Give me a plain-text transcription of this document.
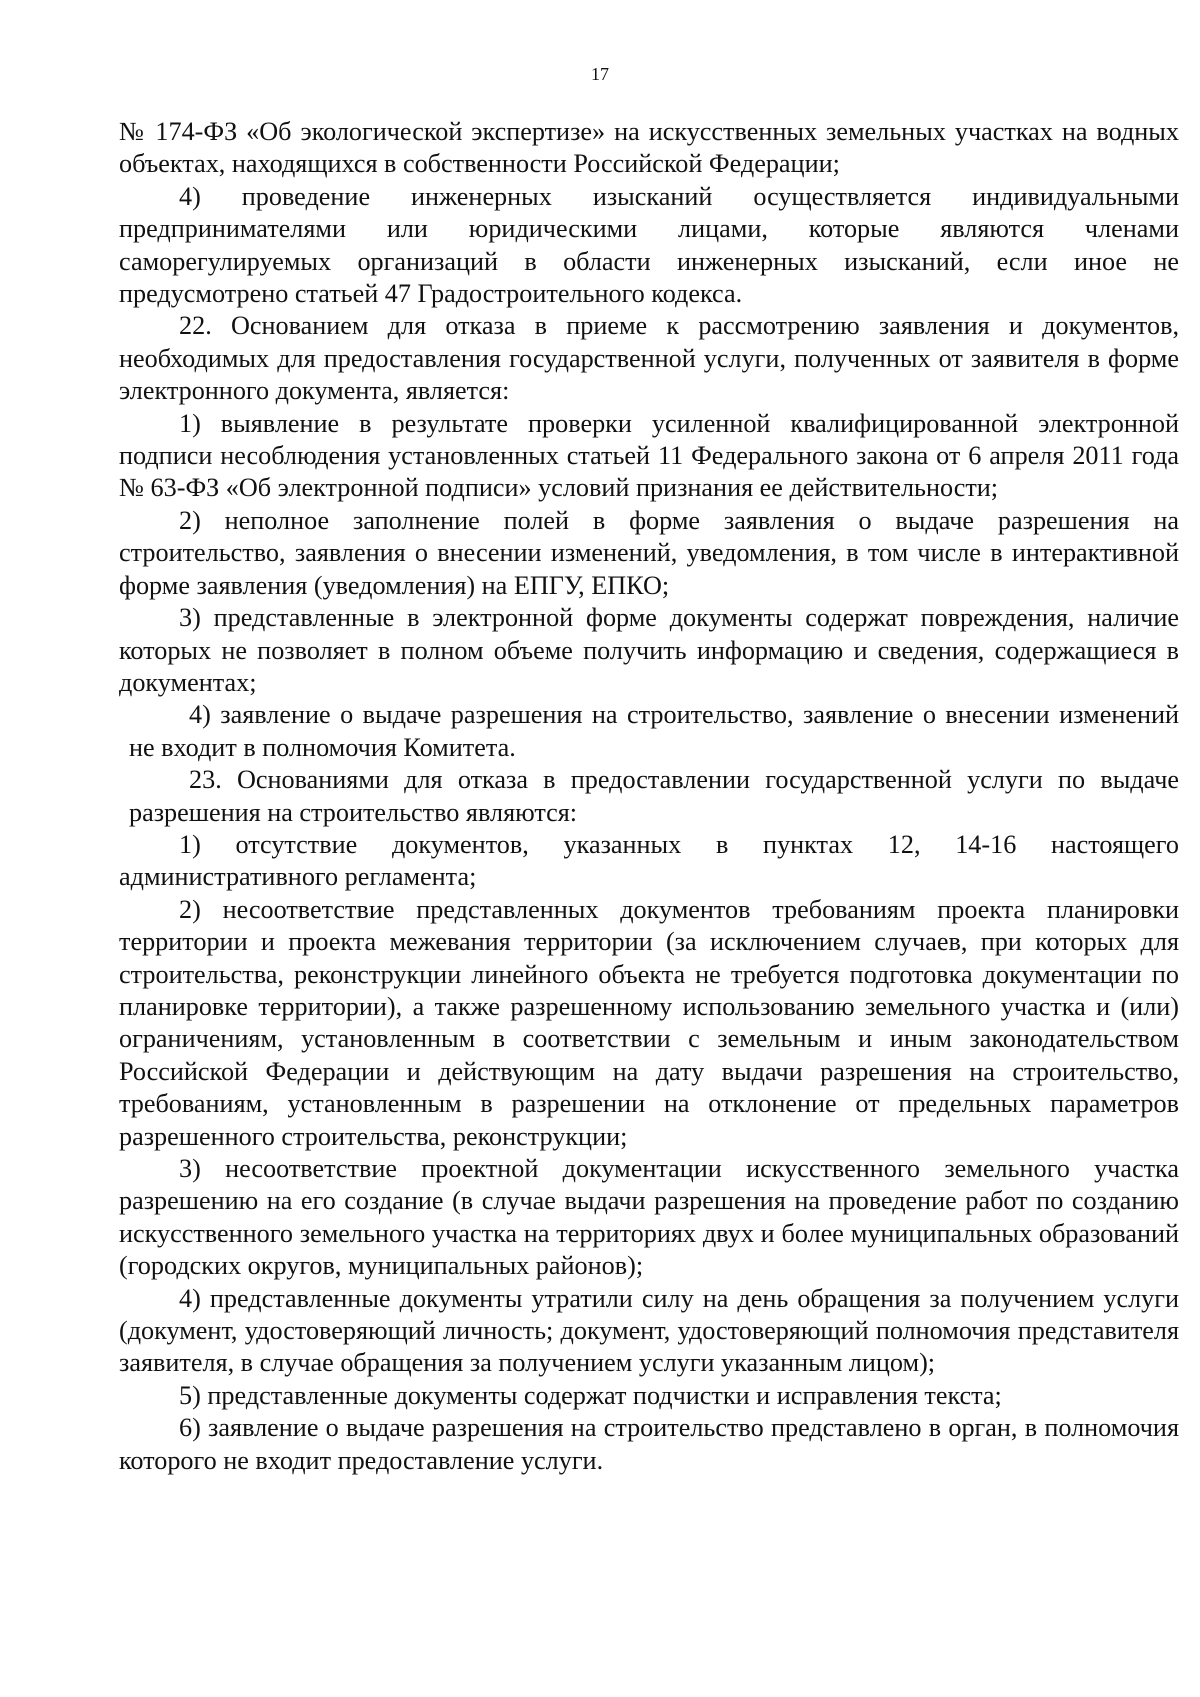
17

№ 174-ФЗ «Об экологической экспертизе» на искусственных земельных участках на водных объектах, находящихся в собственности Российской Федерации;

4) проведение инженерных изысканий осуществляется индивидуальными предпринимателями или юридическими лицами, которые являются членами саморегулируемых организаций в области инженерных изысканий, если иное не предусмотрено статьей 47 Градостроительного кодекса.

22. Основанием для отказа в приеме к рассмотрению заявления и документов, необходимых для предоставления государственной услуги, полученных от заявителя в форме электронного документа, является:

1) выявление в результате проверки усиленной квалифицированной электронной подписи несоблюдения установленных статьей 11 Федерального закона от 6 апреля 2011 года № 63-ФЗ «Об электронной подписи» условий признания ее действительности;

2) неполное заполнение полей в форме заявления о выдаче разрешения на строительство, заявления о внесении изменений, уведомления, в том числе в интерактивной форме заявления (уведомления) на ЕПГУ, ЕПКО;

3) представленные в электронной форме документы содержат повреждения, наличие которых не позволяет в полном объеме получить информацию и сведения, содержащиеся в документах;

4) заявление о выдаче разрешения на строительство, заявление о внесении изменений не входит в полномочия Комитета.

23. Основаниями для отказа в предоставлении государственной услуги по выдаче разрешения на строительство являются:

1) отсутствие документов, указанных в пунктах 12, 14-16 настоящего административного регламента;

2) несоответствие представленных документов требованиям проекта планировки территории и проекта межевания территории (за исключением случаев, при которых для строительства, реконструкции линейного объекта не требуется подготовка документации по планировке территории), а также разрешенному использованию земельного участка и (или) ограничениям, установленным в соответствии с земельным и иным законодательством Российской Федерации и действующим на дату выдачи разрешения на строительство, требованиям, установленным в разрешении на отклонение от предельных параметров разрешенного строительства, реконструкции;

3) несоответствие проектной документации искусственного земельного участка разрешению на его создание (в случае выдачи разрешения на проведение работ по созданию искусственного земельного участка на территориях двух и более муниципальных образований (городских округов, муниципальных районов);

4) представленные документы утратили силу на день обращения за получением услуги (документ, удостоверяющий личность; документ, удостоверяющий полномочия представителя заявителя, в случае обращения за получением услуги указанным лицом);

5) представленные документы содержат подчистки и исправления текста;

6) заявление о выдаче разрешения на строительство представлено в орган, в полномочия которого не входит предоставление услуги.
